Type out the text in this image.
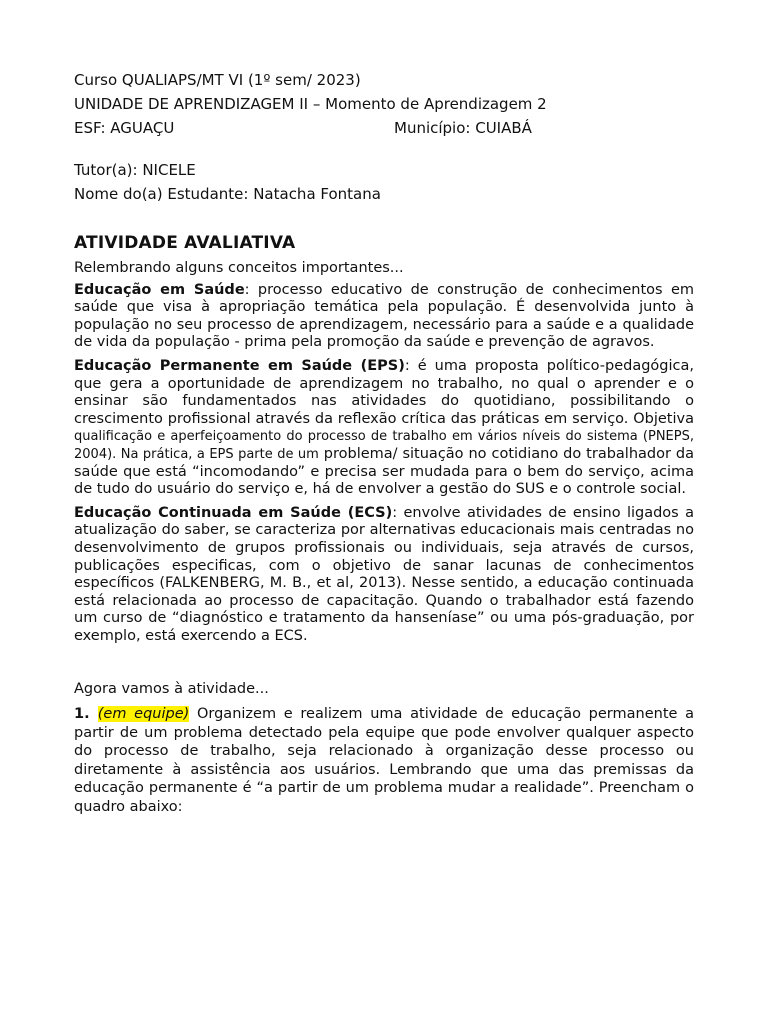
Curso QUALIAPS/MT VI (1º sem/ 2023)
UNIDADE DE APRENDIZAGEM II – Momento de Aprendizagem 2
ESF: AGUAÇU	Município: CUIABÁ
Tutor(a): NICELE
Nome do(a) Estudante: Natacha Fontana
ATIVIDADE AVALIATIVA

Relembrando alguns conceitos importantes...

Educação em Saúde: processo educativo de construção de conhecimentos em saúde que visa à apropriação temática pela população. É desenvolvida junto à população no seu processo de aprendizagem, necessário para a saúde e a qualidade de vida da população - prima pela promoção da saúde e prevenção de agravos.

Educação Permanente em Saúde (EPS): é uma proposta político-pedagógica, que gera a oportunidade de aprendizagem no trabalho, no qual o aprender e o ensinar são fundamentados nas atividades do quotidiano, possibilitando o crescimento profissional através da reflexão crítica das práticas em serviço. Objetiva qualificação e aperfeiçoamento do processo de trabalho em vários níveis do sistema (PNEPS, 2004). Na prática, a EPS parte de um problema/ situação no cotidiano do trabalhador da saúde que está “incomodando” e precisa ser mudada para o bem do serviço, acima de tudo do usuário do serviço e, há de envolver a gestão do SUS e o controle social.

Educação Continuada em Saúde (ECS): envolve atividades de ensino ligados a atualização do saber, se caracteriza por alternativas educacionais mais centradas no desenvolvimento de grupos profissionais ou individuais, seja através de cursos, publicações especificas, com o objetivo de sanar lacunas de conhecimentos específicos (FALKENBERG, M. B., et al, 2013). Nesse sentido, a educação continuada está relacionada ao processo de capacitação. Quando o trabalhador está fazendo um curso de “diagnóstico e tratamento da hanseníase” ou uma pós-graduação, por exemplo, está exercendo a ECS.

Agora vamos à atividade...

1. (em equipe) Organizem e realizem uma atividade de educação permanente a partir de um problema detectado pela equipe que pode envolver qualquer aspecto do processo de trabalho, seja relacionado à organização desse processo ou diretamente à assistência aos usuários. Lembrando que uma das premissas da educação permanente é “a partir de um problema mudar a realidade”. Preencham o quadro abaixo:
